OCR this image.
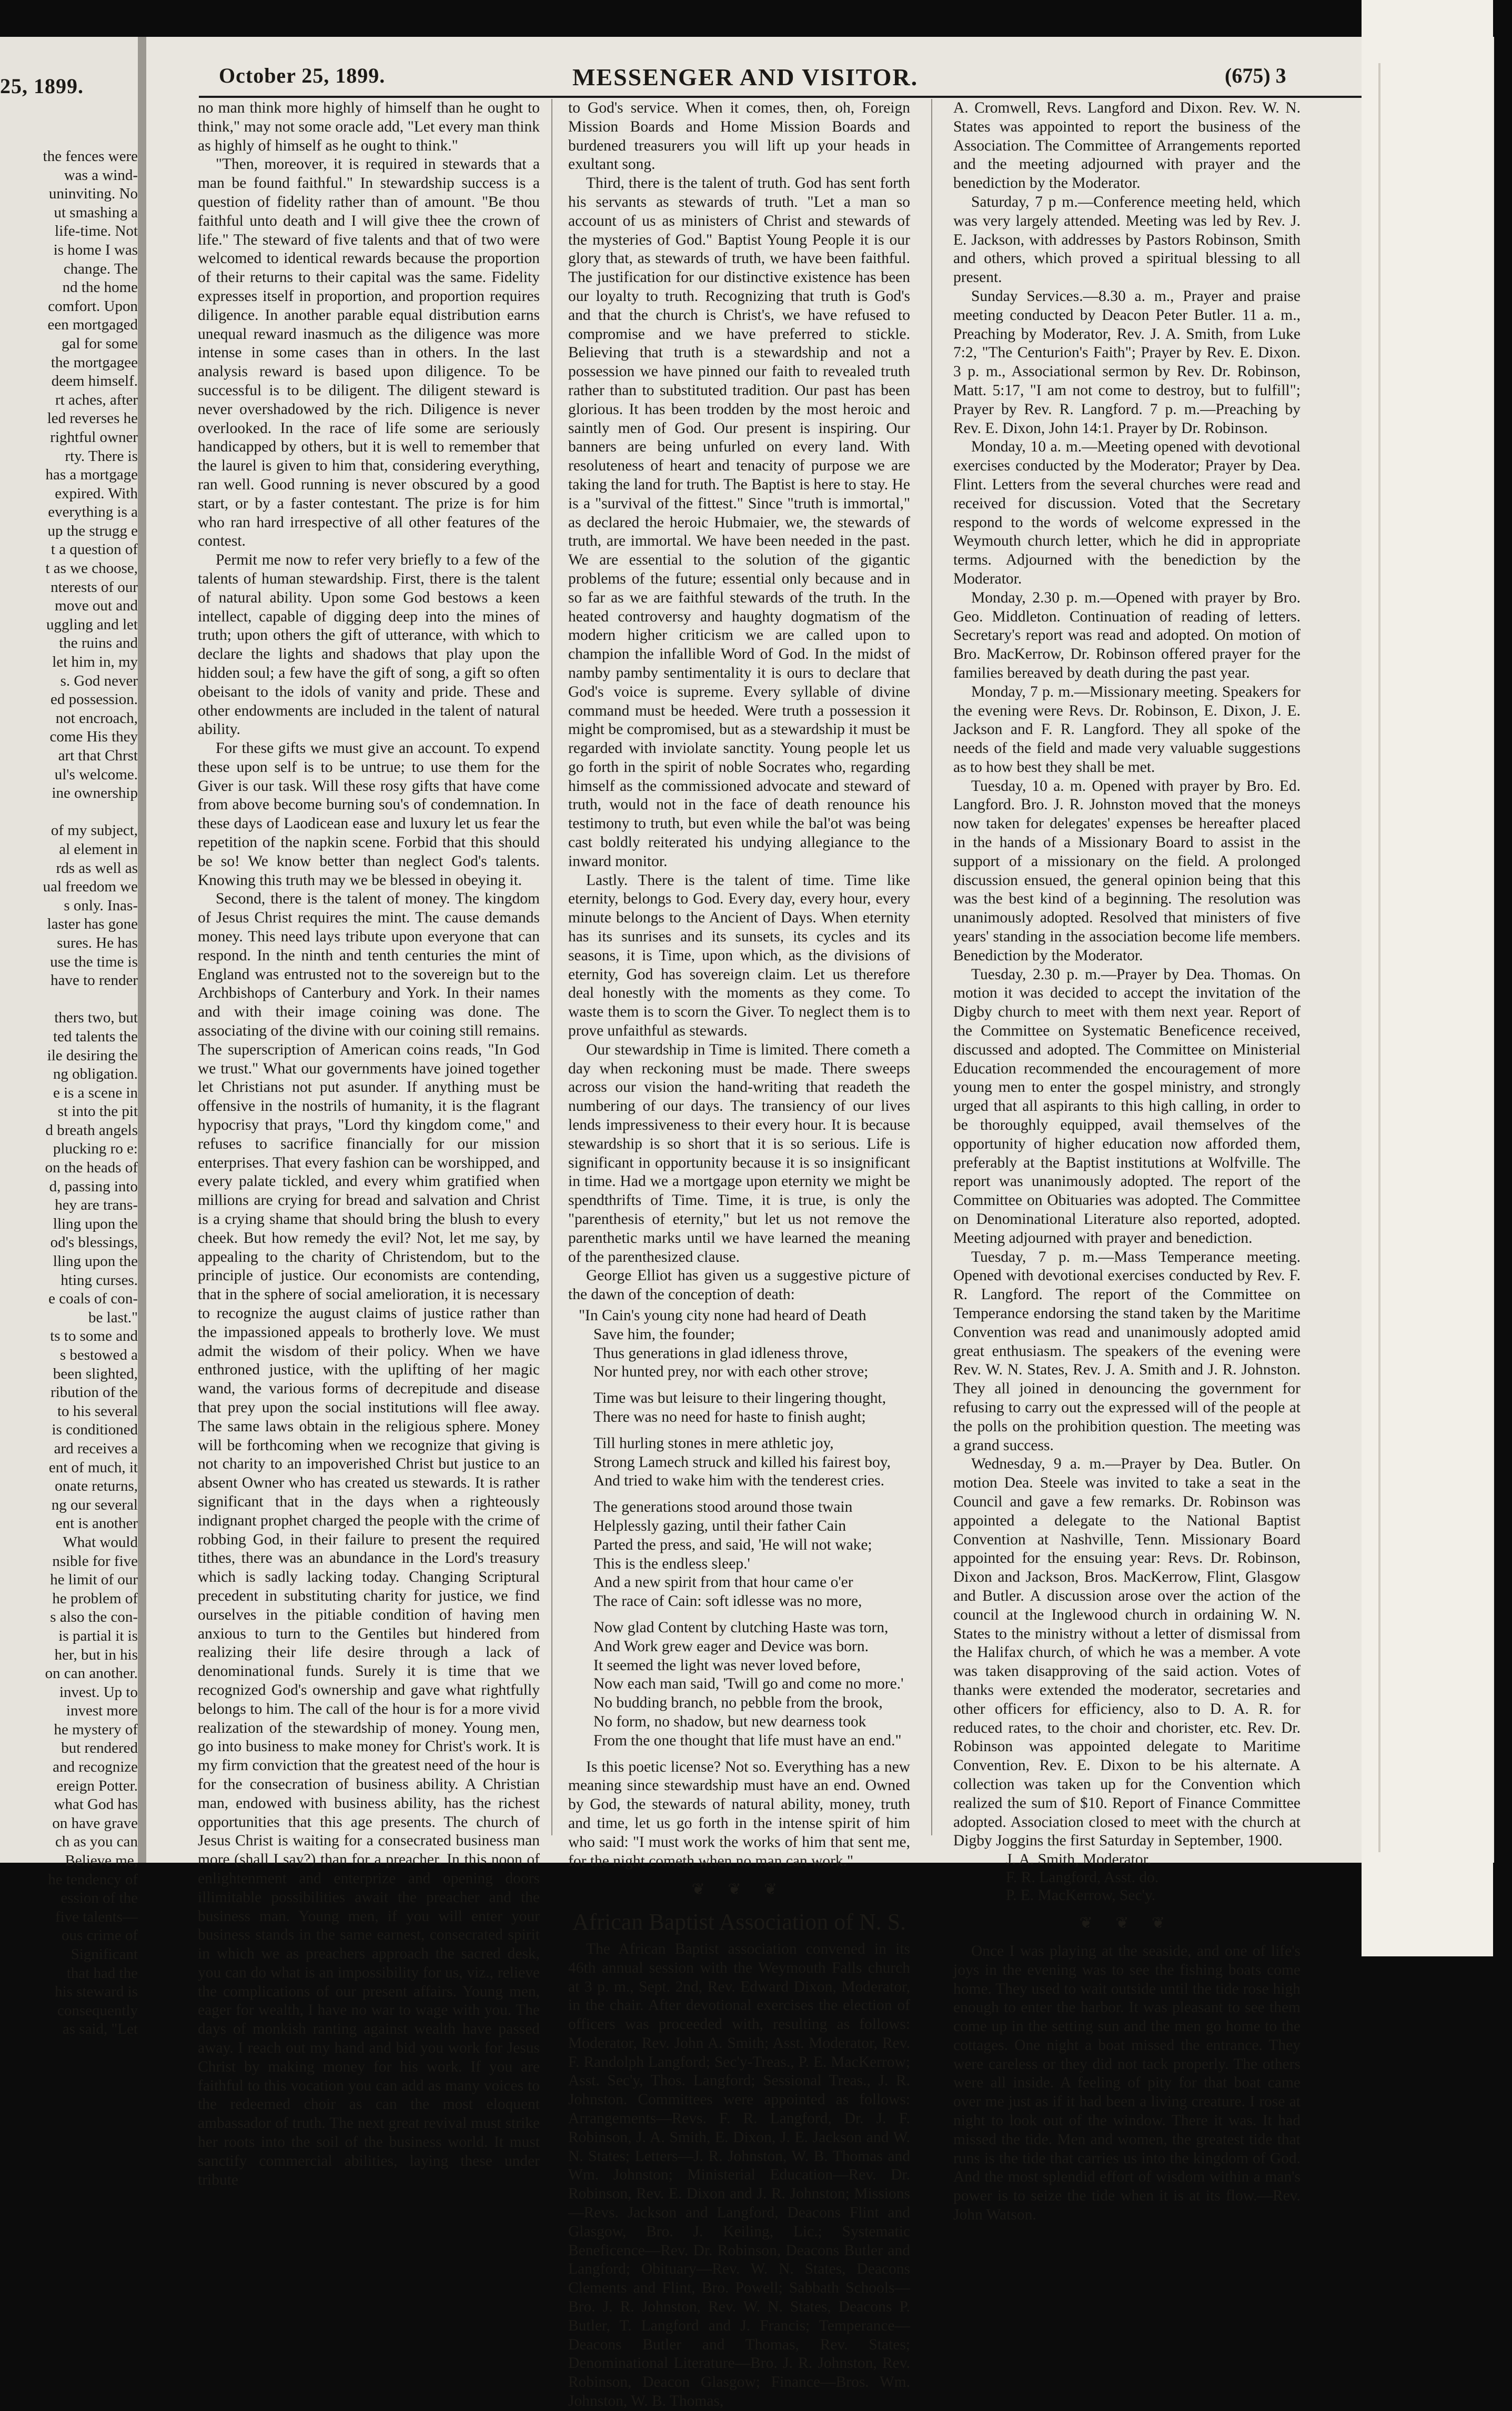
25, 1899.
the fences were
was a wind-
uninviting. No
ut smashing a
life-time. Not
is home I was
change. The
nd the home
comfort. Upon
een mortgaged
gal for some
the mortgagee
deem himself.
rt aches, after
led reverses he
rightful owner
rty. There is
has a mortgage
expired. With
everything is a
up the strugg e
t a question of
t as we choose,
nterests of our
move out and
uggling and let
the ruins and
let him in, my
s. God never
ed possession.
not encroach,
come His they
art that Chrst
ul's welcome.
ine ownership

of my subject,
al element in
rds as well as
ual freedom we
s only. Inas-
laster has gone
sures. He has
use the time is
have to render

thers two, but
ted talents the
ile desiring the
ng obligation.
e is a scene in
st into the pit
d breath angels
plucking ro e:
on the heads of
d, passing into
hey are trans-
lling upon the
od's blessings,
lling upon the
hting curses.
e coals of con-
be last."
ts to some and
s bestowed a
been slighted,
ribution of the
to his several
is conditioned
ard receives a
ent of much, it
onate returns,
ng our several
ent is another
What would
nsible for five
he limit of our
he problem of
s also the con-
is partial it is
her, but in his
on can another.
invest. Up to
invest more
he mystery of
but rendered
and recognize
ereign Potter.
what God has
on have grave
ch as you can
Believe me,
he tendency of
ession of the
five talents—
ous crime of
Significant
that had the
his steward is
consequently
as said, "Let
October 25, 1899.	MESSENGER AND VISITOR.	(675) 3

no man think more highly of himself than he ought to think," may not some oracle add, "Let every man think as highly of himself as he ought to think."

"Then, moreover, it is required in stewards that a man be found faithful." In stewardship success is a question of fidelity rather than of amount. "Be thou faithful unto death and I will give thee the crown of life." The steward of five talents and that of two were welcomed to identical rewards because the proportion of their returns to their capital was the same. Fidelity expresses itself in proportion, and proportion requires diligence. In another parable equal distribution earns unequal reward inasmuch as the diligence was more intense in some cases than in others. In the last analysis reward is based upon diligence. To be successful is to be diligent. The diligent steward is never overshadowed by the rich. Diligence is never overlooked. In the race of life some are seriously handicapped by others, but it is well to remember that the laurel is given to him that, considering everything, ran well. Good running is never obscured by a good start, or by a faster contestant. The prize is for him who ran hard irrespective of all other features of the contest.

Permit me now to refer very briefly to a few of the talents of human stewardship. First, there is the talent of natural ability. Upon some God bestows a keen intellect, capable of digging deep into the mines of truth; upon others the gift of utterance, with which to declare the lights and shadows that play upon the hidden soul; a few have the gift of song, a gift so often obeisant to the idols of vanity and pride. These and other endowments are included in the talent of natural ability.

For these gifts we must give an account. To expend these upon self is to be untrue; to use them for the Giver is our task. Will these rosy gifts that have come from above become burning sou's of condemnation. In these days of Laodicean ease and luxury let us fear the repetition of the napkin scene. Forbid that this should be so! We know better than neglect God's talents. Knowing this truth may we be blessed in obeying it.

Second, there is the talent of money. The kingdom of Jesus Christ requires the mint. The cause demands money. This need lays tribute upon everyone that can respond. In the ninth and tenth centuries the mint of England was entrusted not to the sovereign but to the Archbishops of Canterbury and York. In their names and with their image coining was done. The associating of the divine with our coining still remains. The superscription of American coins reads, "In God we trust." What our governments have joined together let Christians not put asunder. If anything must be offensive in the nostrils of humanity, it is the flagrant hypocrisy that prays, "Lord thy kingdom come," and refuses to sacrifice financially for our mission enterprises. That every fashion can be worshipped, and every palate tickled, and every whim gratified when millions are crying for bread and salvation and Christ is a crying shame that should bring the blush to every cheek. But how remedy the evil? Not, let me say, by appealing to the charity of Christendom, but to the principle of justice. Our economists are contending, that in the sphere of social amelioration, it is necessary to recognize the august claims of justice rather than the impassioned appeals to brotherly love. We must admit the wisdom of their policy. When we have enthroned justice, with the uplifting of her magic wand, the various forms of decrepitude and disease that prey upon the social institutions will flee away. The same laws obtain in the religious sphere. Money will be forthcoming when we recognize that giving is not charity to an impoverished Christ but justice to an absent Owner who has created us stewards. It is rather significant that in the days when a righteously indignant prophet charged the people with the crime of robbing God, in their failure to present the required tithes, there was an abundance in the Lord's treasury which is sadly lacking today. Changing Scriptural precedent in substituting charity for justice, we find ourselves in the pitiable condition of having men anxious to turn to the Gentiles but hindered from realizing their life desire through a lack of denominational funds. Surely it is time that we recognized God's ownership and gave what rightfully belongs to him. The call of the hour is for a more vivid realization of the stewardship of money. Young men, go into business to make money for Christ's work. It is my firm conviction that the greatest need of the hour is for the consecration of business ability. A Christian man, endowed with business ability, has the richest opportunities that this age presents. The church of Jesus Christ is waiting for a consecrated business man more (shall I say?) than for a preacher. In this noon of enlightenment and enterprize and opening doors illimitable possibilities await the preacher and the business man. Young men, if you will enter your business stands in the same earnest, consecrated spirit in which we as preachers approach the sacred desk, you can do what is an impossibility for us, viz., relieve the complications of our present affairs. Young men, eager for wealth, I have no war to wage with you. The days of monkish ranting against wealth have passed away. I reach out my hand and bid you work for Jesus Christ by making money for his work. If you are faithful to this vocation you can add as many voices to the redeemed choir as can the most eloquent ambassador of truth. The next great revival must strike her roots into the soil of the business world. It must sanctify commercial abilities, laying these under tribute

to God's service. When it comes, then, oh, Foreign Mission Boards and Home Mission Boards and burdened treasurers you will lift up your heads in exultant song.

Third, there is the talent of truth. God has sent forth his servants as stewards of truth. "Let a man so account of us as ministers of Christ and stewards of the mysteries of God." Baptist Young People it is our glory that, as stewards of truth, we have been faithful. The justification for our distinctive existence has been our loyalty to truth. Recognizing that truth is God's and that the church is Christ's, we have refused to compromise and we have preferred to stickle. Believing that truth is a stewardship and not a possession we have pinned our faith to revealed truth rather than to substituted tradition. Our past has been glorious. It has been trodden by the most heroic and saintly men of God. Our present is inspiring. Our banners are being unfurled on every land. With resoluteness of heart and tenacity of purpose we are taking the land for truth. The Baptist is here to stay. He is a "survival of the fittest." Since "truth is immortal," as declared the heroic Hubmaier, we, the stewards of truth, are immortal. We have been needed in the past. We are essential to the solution of the gigantic problems of the future; essential only because and in so far as we are faithful stewards of the truth. In the heated controversy and haughty dogmatism of the modern higher criticism we are called upon to champion the infallible Word of God. In the midst of namby pamby sentimentality it is ours to declare that God's voice is supreme. Every syllable of divine command must be heeded. Were truth a possession it might be compromised, but as a stewardship it must be regarded with inviolate sanctity. Young people let us go forth in the spirit of noble Socrates who, regarding himself as the commissioned advocate and steward of truth, would not in the face of death renounce his testimony to truth, but even while the bal'ot was being cast boldly reiterated his undying allegiance to the inward monitor.

Lastly. There is the talent of time. Time like eternity, belongs to God. Every day, every hour, every minute belongs to the Ancient of Days. When eternity has its sunrises and its sunsets, its cycles and its seasons, it is Time, upon which, as the divisions of eternity, God has sovereign claim. Let us therefore deal honestly with the moments as they come. To waste them is to scorn the Giver. To neglect them is to prove unfaithful as stewards.

Our stewardship in Time is limited. There cometh a day when reckoning must be made. There sweeps across our vision the hand-writing that readeth the numbering of our days. The transiency of our lives lends impressiveness to their every hour. It is because stewardship is so short that it is so serious. Life is significant in opportunity because it is so insignificant in time. Had we a mortgage upon eternity we might be spendthrifts of Time. Time, it is true, is only the "parenthesis of eternity," but let us not remove the parenthetic marks until we have learned the meaning of the parenthesized clause.

George Elliot has given us a suggestive picture of the dawn of the conception of death:

"In Cain's young city none had heard of Death
Save him, the founder;
Thus generations in glad idleness throve,
Nor hunted prey, nor with each other strove;
Time was but leisure to their lingering thought,
There was no need for haste to finish aught;
Till hurling stones in mere athletic joy,
Strong Lamech struck and killed his fairest boy,
And tried to wake him with the tenderest cries.
The generations stood around those twain
Helplessly gazing, until their father Cain
Parted the press, and said, 'He will not wake;
This is the endless sleep.'
And a new spirit from that hour came o'er
The race of Cain: soft idlesse was no more,
Now glad Content by clutching Haste was torn,
And Work grew eager and Device was born.
It seemed the light was never loved before,
Now each man said, 'Twill go and come no more.'
No budding branch, no pebble from the brook,
No form, no shadow, but new dearness took
From the one thought that life must have an end."

Is this poetic license? Not so. Everything has a new meaning since stewardship must have an end. Owned by God, the stewards of natural ability, money, truth and time, let us go forth in the intense spirit of him who said: "I must work the works of him that sent me, for the night cometh when no man can work."

❦ ❦ ❦
African Baptist Association of N. S.

The African Baptist association convened in its 46th annual session with the Weymouth Falls church at 3 p. m., Sept. 2nd, Rev. Edward Dixon, Moderator, in the chair. After devotional exercises the election of officers was proceeded with, resulting as follows: Moderator, Rev. John A. Smith; Asst. Moderator, Rev. F. Randolph Langford; Sec'y-Treas., P. E. MacKerrow; Asst. Sec'y, Thos. Langford; Sessional Treas., J. R. Johnston. Committees were appointed as follows: Arrangements—Revs. F. R. Langford, Dr. J. F. Robinson, J. A. Smith, E. Dixon, J. E. Jackson and W. N. States; Letters—J. R. Johnston, W. B. Thomas and Wm. Johnston; Ministerial Education—Rev. Dr. Robinson, Rev. E. Dixon and J. R. Johnston; Missions—Revs. Jackson and Langford, Deacons Flint and Glasgow, Bro. J. Keiling, Lic.; Systematic Beneficence—Rev. Dr. Robinson, Deacons Butler and Langford; Obituary—Rev. W. N. States, Deacons Clements and Flint, Bro. Powell; Sabbath Schools—Bro. J. R. Johnston, Rev. W. N. States, Deacons P. Butler, T. Langford and J. Francis; Temperance—Deacons Butler and Thomas, Rev. States; Denominational Literature—Bro. J. R. Johnston, Rev. Robinson, Deacon Glasgow; Finance—Bros. Wm. Johnston, W. B. Thomas,

A. Cromwell, Revs. Langford and Dixon. Rev. W. N. States was appointed to report the business of the Association. The Committee of Arrangements reported and the meeting adjourned with prayer and the benediction by the Moderator.

Saturday, 7 p m.—Conference meeting held, which was very largely attended. Meeting was led by Rev. J. E. Jackson, with addresses by Pastors Robinson, Smith and others, which proved a spiritual blessing to all present.

Sunday Services.—8.30 a. m., Prayer and praise meeting conducted by Deacon Peter Butler. 11 a. m., Preaching by Moderator, Rev. J. A. Smith, from Luke 7:2, "The Centurion's Faith"; Prayer by Rev. E. Dixon. 3 p. m., Associational sermon by Rev. Dr. Robinson, Matt. 5:17, "I am not come to destroy, but to fulfill"; Prayer by Rev. R. Langford. 7 p. m.—Preaching by Rev. E. Dixon, John 14:1. Prayer by Dr. Robinson.

Monday, 10 a. m.—Meeting opened with devotional exercises conducted by the Moderator; Prayer by Dea. Flint. Letters from the several churches were read and received for discussion. Voted that the Secretary respond to the words of welcome expressed in the Weymouth church letter, which he did in appropriate terms. Adjourned with the benediction by the Moderator.

Monday, 2.30 p. m.—Opened with prayer by Bro. Geo. Middleton. Continuation of reading of letters. Secretary's report was read and adopted. On motion of Bro. MacKerrow, Dr. Robinson offered prayer for the families bereaved by death during the past year.

Monday, 7 p. m.—Missionary meeting. Speakers for the evening were Revs. Dr. Robinson, E. Dixon, J. E. Jackson and F. R. Langford. They all spoke of the needs of the field and made very valuable suggestions as to how best they shall be met.

Tuesday, 10 a. m. Opened with prayer by Bro. Ed. Langford. Bro. J. R. Johnston moved that the moneys now taken for delegates' expenses be hereafter placed in the hands of a Missionary Board to assist in the support of a missionary on the field. A prolonged discussion ensued, the general opinion being that this was the best kind of a beginning. The resolution was unanimously adopted. Resolved that ministers of five years' standing in the association become life members. Benediction by the Moderator.

Tuesday, 2.30 p. m.—Prayer by Dea. Thomas. On motion it was decided to accept the invitation of the Digby church to meet with them next year. Report of the Committee on Systematic Beneficence received, discussed and adopted. The Committee on Ministerial Education recommended the encouragement of more young men to enter the gospel ministry, and strongly urged that all aspirants to this high calling, in order to be thoroughly equipped, avail themselves of the opportunity of higher education now afforded them, preferably at the Baptist institutions at Wolfville. The report was unanimously adopted. The report of the Committee on Obituaries was adopted. The Committee on Denominational Literature also reported, adopted. Meeting adjourned with prayer and benediction.

Tuesday, 7 p. m.—Mass Temperance meeting. Opened with devotional exercises conducted by Rev. F. R. Langford. The report of the Committee on Temperance endorsing the stand taken by the Maritime Convention was read and unanimously adopted amid great enthusiasm. The speakers of the evening were Rev. W. N. States, Rev. J. A. Smith and J. R. Johnston. They all joined in denouncing the government for refusing to carry out the expressed will of the people at the polls on the prohibition question. The meeting was a grand success.

Wednesday, 9 a. m.—Prayer by Dea. Butler. On motion Dea. Steele was invited to take a seat in the Council and gave a few remarks. Dr. Robinson was appointed a delegate to the National Baptist Convention at Nashville, Tenn. Missionary Board appointed for the ensuing year: Revs. Dr. Robinson, Dixon and Jackson, Bros. MacKerrow, Flint, Glasgow and Butler. A discussion arose over the action of the council at the Inglewood church in ordaining W. N. States to the ministry without a letter of dismissal from the Halifax church, of which he was a member. A vote was taken disapproving of the said action. Votes of thanks were extended the moderator, secretaries and other officers for efficiency, also to D. A. R. for reduced rates, to the choir and chorister, etc. Rev. Dr. Robinson was appointed delegate to Maritime Convention, Rev. E. Dixon to be his alternate. A collection was taken up for the Convention which realized the sum of $10. Report of Finance Committee adopted. Association closed to meet with the church at Digby Joggins the first Saturday in September, 1900.

J. A. Smith, Moderator.
F. R. Langford, Asst. do.
P. E. MacKerrow, Sec'y.
❦ ❦ ❦

Once I was playing at the seaside, and one of life's joys in the evening was to see the fishing boats come home. They used to wait outside until the tide rose high enough to enter the harbor. It was pleasant to see them come up in the setting sun and the men go home to the cottages. One night a boat missed the entrance. They were careless or they did not tack properly. The others were all inside. A feeling of pity for that boat came over me just as if it had been a living creature. I rose at night to look out of the window. There it was. It had missed the tide. Men and women, the greatest tide that runs is the tide that carries us into the kingdom of God. And the most splendid effort of wisdom within a man's power is to seize the tide when it is at its flow.—Rev. John Watson.
